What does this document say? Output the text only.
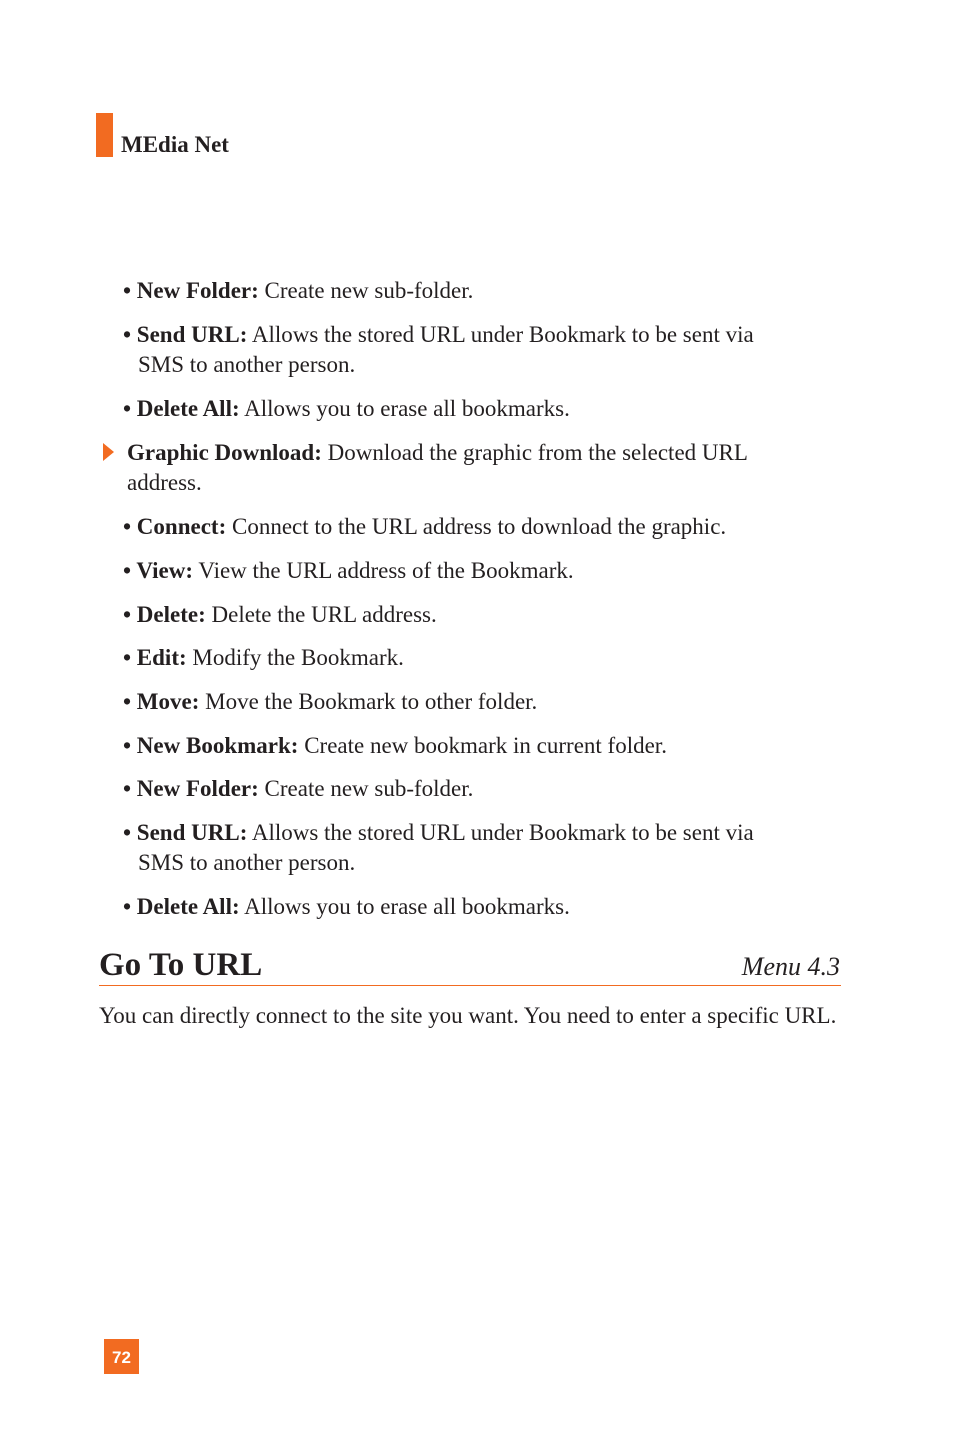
MEdia Net
• New Folder: Create new sub-folder.
• Send URL: Allows the stored URL under Bookmark to be sent via
SMS to another person.
• Delete All: Allows you to erase all bookmarks.
Graphic Download: Download the graphic from the selected URL
address.
• Connect: Connect to the URL address to download the graphic.
• View: View the URL address of the Bookmark.
• Delete: Delete the URL address.
• Edit: Modify the Bookmark.
• Move: Move the Bookmark to other folder.
• New Bookmark: Create new bookmark in current folder.
• New Folder: Create new sub-folder.
• Send URL: Allows the stored URL under Bookmark to be sent via
SMS to another person.
• Delete All: Allows you to erase all bookmarks.
Go To URL	Menu 4.3
You can directly connect to the site you want. You need to enter a specific URL.
72
